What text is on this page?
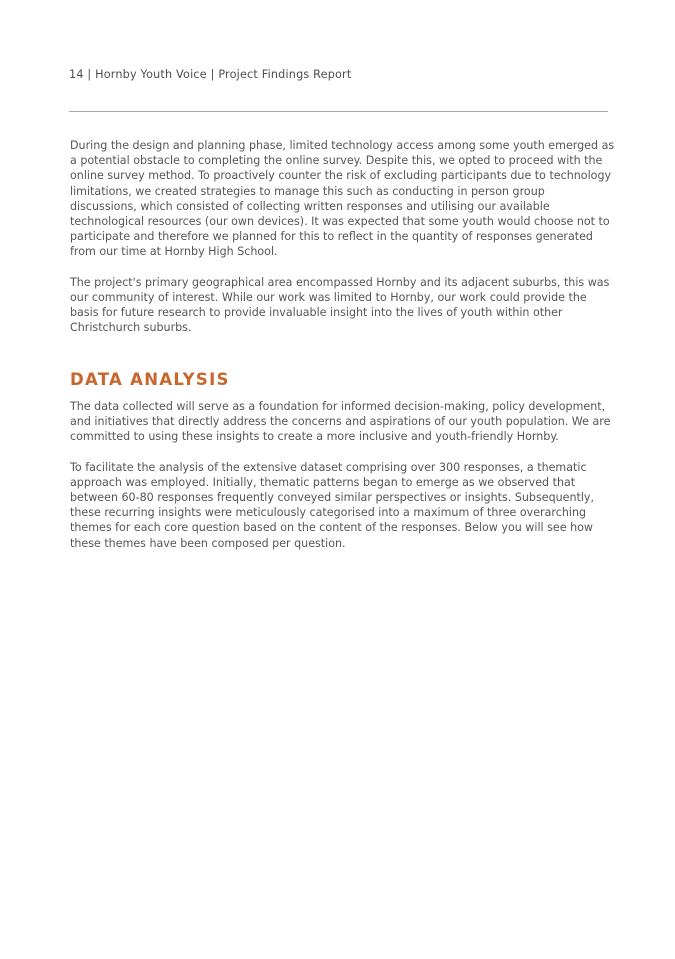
14 | Hornby Youth Voice | Project Findings Report

During the design and planning phase, limited technology access among some youth emerged as a potential obstacle to completing the online survey. Despite this, we opted to proceed with the online survey method. To proactively counter the risk of excluding participants due to technology limitations, we created strategies to manage this such as conducting in person group discussions, which consisted of collecting written responses and utilising our available technological resources (our own devices). It was expected that some youth would choose not to participate and therefore we planned for this to reflect in the quantity of responses generated from our time at Hornby High School.

The project's primary geographical area encompassed Hornby and its adjacent suburbs, this was our community of interest. While our work was limited to Hornby, our work could provide the basis for future research to provide invaluable insight into the lives of youth within other Christchurch suburbs.

DATA ANALYSIS

The data collected will serve as a foundation for informed decision-making, policy development, and initiatives that directly address the concerns and aspirations of our youth population. We are committed to using these insights to create a more inclusive and youth-friendly Hornby.

To facilitate the analysis of the extensive dataset comprising over 300 responses, a thematic approach was employed. Initially, thematic patterns began to emerge as we observed that between 60-80 responses frequently conveyed similar perspectives or insights. Subsequently, these recurring insights were meticulously categorised into a maximum of three overarching themes for each core question based on the content of the responses. Below you will see how these themes have been composed per question.
